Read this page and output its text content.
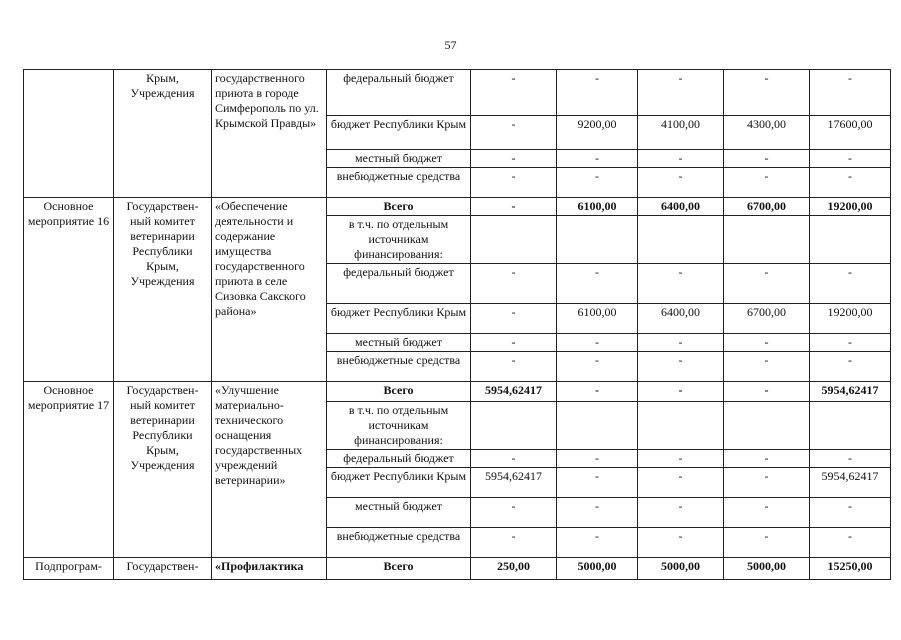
57
	Крым, Учреждения	государственного приюта в городе Симферополь по ул. Крымской Правды»	федеральный бюджет	-	-	-	-	-
			бюджет Республики Крым	-	9200,00	4100,00	4300,00	17600,00
			местный бюджет	-	-	-	-	-
			внебюджетные средства	-	-	-	-	-
Основное мероприятие 16	Государствен-ный комитет ветеринарии Республики Крым, Учреждения	«Обеспечение деятельности и содержание имущества государственного приюта в селе Сизовка Сакского района»	Всего	-	6100,00	6400,00	6700,00	19200,00
			в т.ч. по отдельным источникам финансирования:					
			федеральный бюджет	-	-	-	-	-
			бюджет Республики Крым	-	6100,00	6400,00	6700,00	19200,00
			местный бюджет	-	-	-	-	-
			внебюджетные средства	-	-	-	-	-
Основное мероприятие 17	Государствен-ный комитет ветеринарии Республики Крым, Учреждения	«Улучшение материально-технического оснащения государственных учреждений ветеринарии»	Всего	5954,62417	-	-	-	5954,62417
			в т.ч. по отдельным источникам финансирования:					
			федеральный бюджет	-	-	-	-	-
			бюджет Республики Крым	5954,62417	-	-	-	5954,62417
			местный бюджет	-	-	-	-	-
			внебюджетные средства	-	-	-	-	-
Подпрограм-	Государствен-	«Профилактика	Всего	250,00	5000,00	5000,00	5000,00	15250,00
